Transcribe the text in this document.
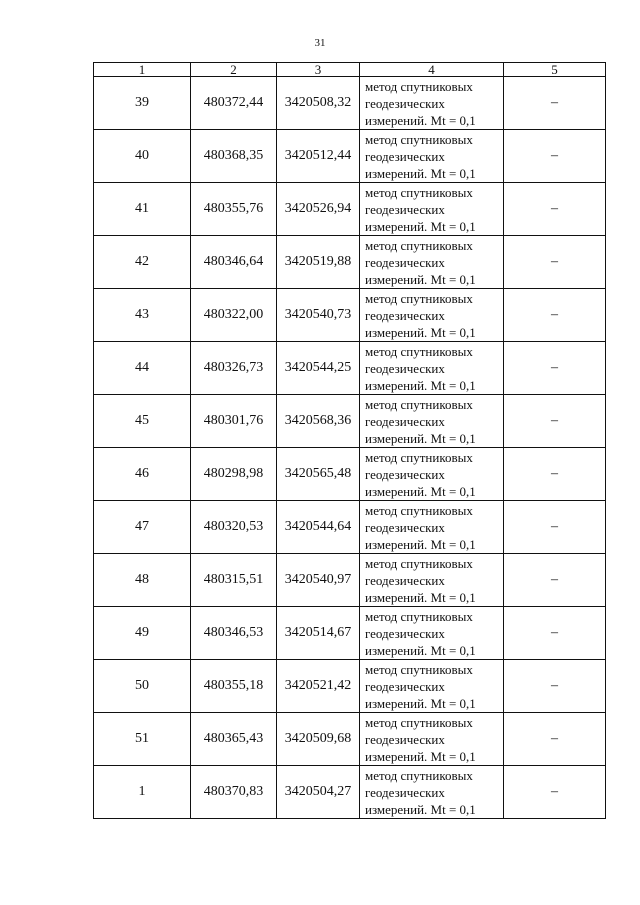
31
1	2	3	4	5
39	480372,44	3420508,32	метод спутниковых геодезических измерений. Mt = 0,1	–
40	480368,35	3420512,44	метод спутниковых геодезических измерений. Mt = 0,1	–
41	480355,76	3420526,94	метод спутниковых геодезических измерений. Mt = 0,1	–
42	480346,64	3420519,88	метод спутниковых геодезических измерений. Mt = 0,1	–
43	480322,00	3420540,73	метод спутниковых геодезических измерений. Mt = 0,1	–
44	480326,73	3420544,25	метод спутниковых геодезических измерений. Mt = 0,1	–
45	480301,76	3420568,36	метод спутниковых геодезических измерений. Mt = 0,1	–
46	480298,98	3420565,48	метод спутниковых геодезических измерений. Mt = 0,1	–
47	480320,53	3420544,64	метод спутниковых геодезических измерений. Mt = 0,1	–
48	480315,51	3420540,97	метод спутниковых геодезических измерений. Mt = 0,1	–
49	480346,53	3420514,67	метод спутниковых геодезических измерений. Mt = 0,1	–
50	480355,18	3420521,42	метод спутниковых геодезических измерений. Mt = 0,1	–
51	480365,43	3420509,68	метод спутниковых геодезических измерений. Mt = 0,1	–
1	480370,83	3420504,27	метод спутниковых геодезических измерений. Mt = 0,1	–
